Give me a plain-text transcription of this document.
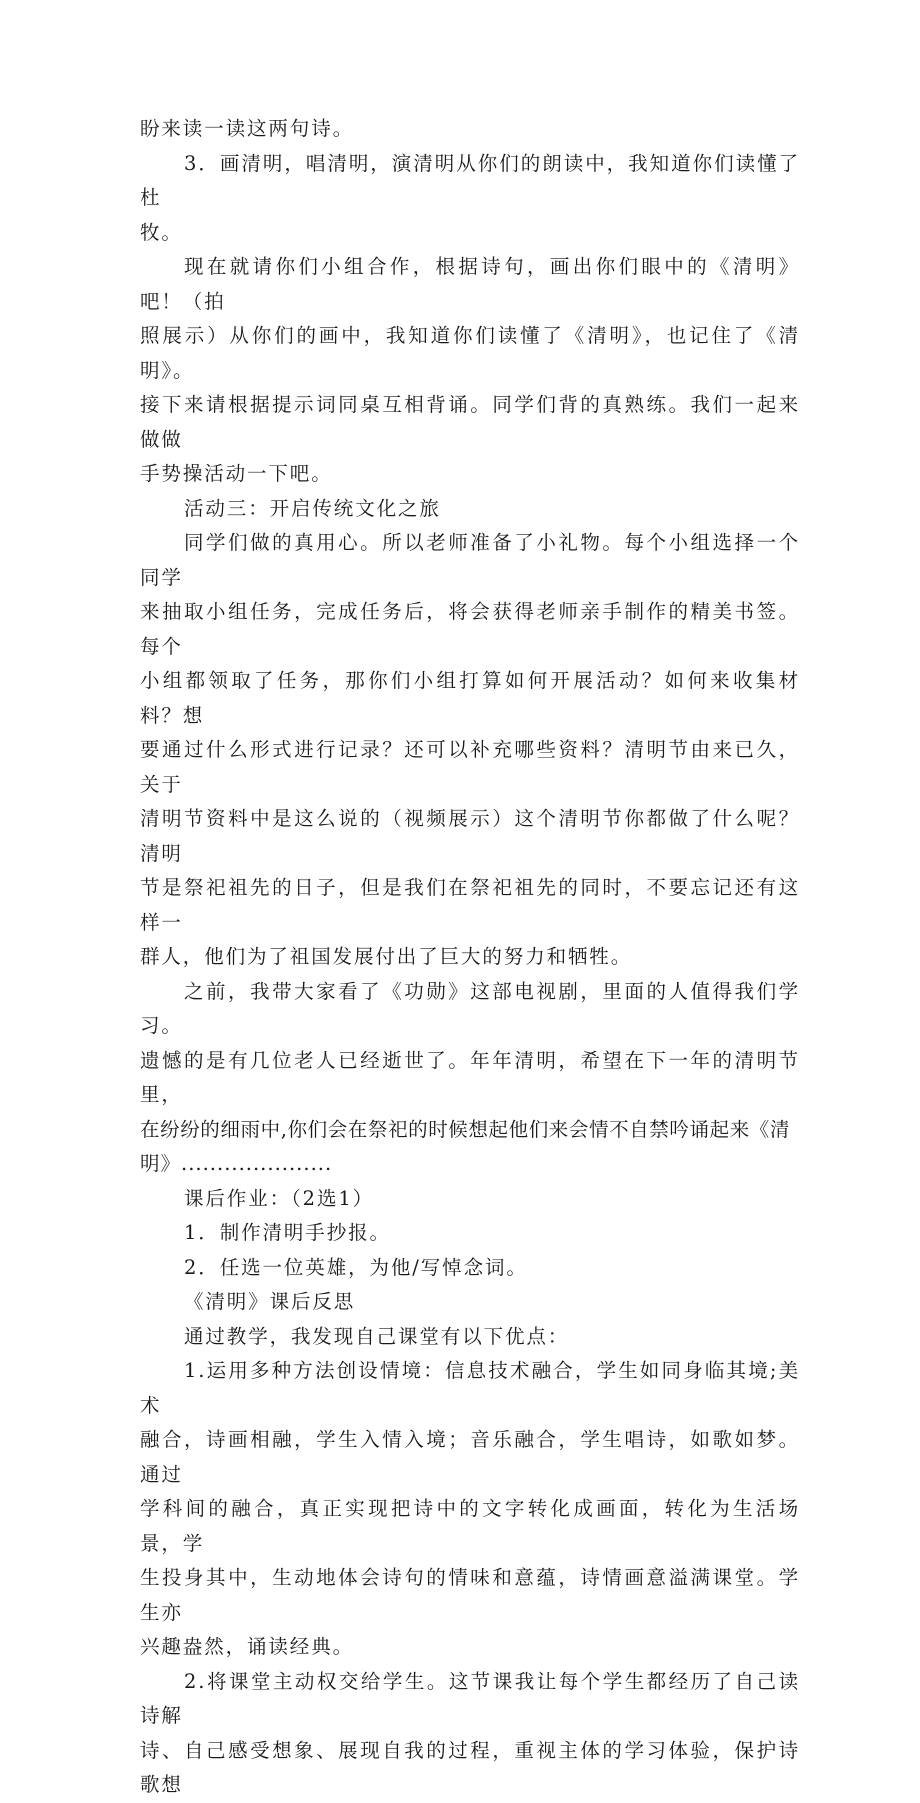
盼来读一读这两句诗。

3．画清明，唱清明，演清明从你们的朗读中，我知道你们读懂了杜
牧。

现在就请你们小组合作，根据诗句，画出你们眼中的《清明》吧！（拍
照展示）从你们的画中，我知道你们读懂了《清明》，也记住了《清明》。
接下来请根据提示词同桌互相背诵。同学们背的真熟练。我们一起来做做
手势操活动一下吧。

活动三：开启传统文化之旅

同学们做的真用心。所以老师准备了小礼物。每个小组选择一个同学
来抽取小组任务，完成任务后，将会获得老师亲手制作的精美书签。每个
小组都领取了任务，那你们小组打算如何开展活动？如何来收集材料？想
要通过什么形式进行记录？还可以补充哪些资料？清明节由来已久，关于
清明节资料中是这么说的（视频展示）这个清明节你都做了什么呢？清明
节是祭祀祖先的日子，但是我们在祭祀祖先的同时，不要忘记还有这样一
群人，他们为了祖国发展付出了巨大的努力和牺牲。

之前，我带大家看了《功勋》这部电视剧，里面的人值得我们学习。
遗憾的是有几位老人已经逝世了。年年清明，希望在下一年的清明节里，
在纷纷的细雨中,你们会在祭祀的时候想起他们来会情不自禁吟诵起来《清
明》.....................

课后作业：（2选1）

1．制作清明手抄报。

2．任选一位英雄，为他/写悼念词。

《清明》课后反思

通过教学，我发现自己课堂有以下优点：

1.运用多种方法创设情境：信息技术融合，学生如同身临其境;美术
融合，诗画相融，学生入情入境；音乐融合，学生唱诗，如歌如梦。通过
学科间的融合，真正实现把诗中的文字转化成画面，转化为生活场景，学
生投身其中，生动地体会诗句的情味和意蕴，诗情画意溢满课堂。学生亦
兴趣盎然，诵读经典。

2.将课堂主动权交给学生。这节课我让每个学生都经历了自己读诗解
诗、自己感受想象、展现自我的过程，重视主体的学习体验，保护诗歌想
